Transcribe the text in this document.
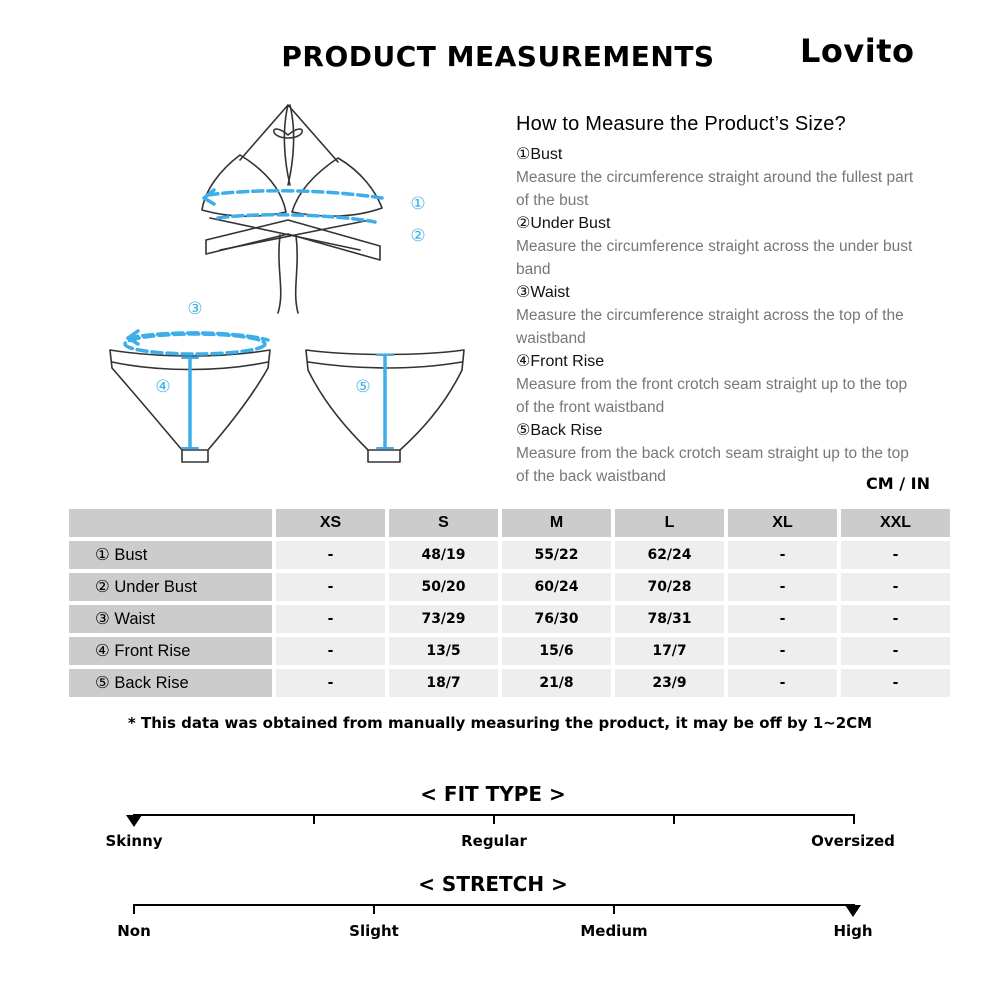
PRODUCT MEASUREMENTS	Lovito
①
②
③
④	⑤
How to Measure the Product’s Size?
①Bust
Measure the circumference straight around the fullest part of the bust
②Under Bust
Measure the circumference straight across the under bust band
③Waist
Measure the circumference straight across the top of the waistband
④Front Rise
Measure from the front crotch seam straight up to the top of the front waistband
⑤Back Rise
Measure from the back crotch seam straight up to the top of the back waistband	CM / IN
	XS	S	M	L	XL	XXL
① Bust	-	48/19	55/22	62/24	-	-
② Under Bust	-	50/20	60/24	70/28	-	-
③ Waist	-	73/29	76/30	78/31	-	-
④ Front Rise	-	13/5	15/6	17/7	-	-
⑤ Back Rise	-	18/7	21/8	23/9	-	-
* This data was obtained from manually measuring the product, it may be off by 1~2CM
< FIT TYPE >
Skinny	Regular	Oversized
< STRETCH >
Non	Slight	Medium	High
